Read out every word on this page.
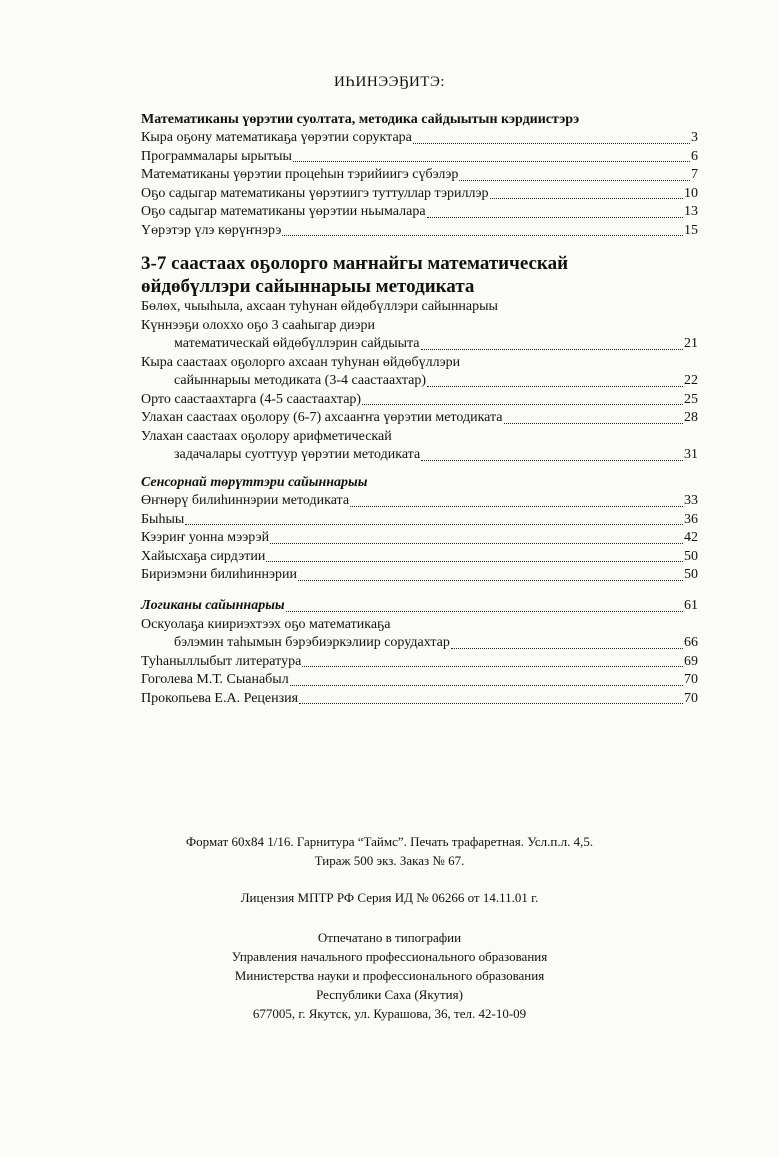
ИҺИНЭЭҔИТЭ:
Математиканы үөрэтии суолтата, методика сайдыытын кэрдиистэрэ
Кыра оҕону математикаҕа үөрэтии соруктара	3
Программалары ырытыы	6
Математиканы үөрэтии процеһын тэрийиигэ сүбэлэр	7
Оҕо садыгар математиканы үөрэтиигэ туттуллар тэриллэр	10
Оҕо садыгар математиканы үөрэтии ньымалара	13
Үөрэтэр үлэ көрүҥнэрэ	15
3-7 саастаах оҕолорго маҥнайгы математическай
өйдөбүллэри сайыннарыы методиката
Бөлөх, чыыһыла, ахсаан туһунан өйдөбүллэри сайыннарыы
Күннээҕи олоххо оҕо 3 сааһыгар диэри
математическай өйдөбүллэрин сайдыыта	21
Кыра саастаах оҕолорго ахсаан туһунан өйдөбүллэри
сайыннарыы методиката (3-4 саастаахтар)	22
Орто саастаахтарга (4-5 саастаахтар)	25
Улахан саастаах оҕолору (6-7) ахсааҥҥа үөрэтии методиката	28
Улахан саастаах оҕолору арифметическай
задачалары суоттуур үөрэтии методиката	31
Сенсорнай төрүттэри сайыннарыы
Өҥнөрү билиһиннэрии методиката	33
Быһыы	36
Кээриҥ уонна мээрэй	42
Хайысхаҕа сирдэтии	50
Бириэмэни билиһиннэрии	50
Логиканы сайыннарыы	61
Оскуолаҕа киириэхтээх оҕо математикаҕа
бэлэмин таһымын бэрэбиэркэлиир сорудахтар	66
Туһаныллыбыт литература	69
Гоголева М.Т. Сыанабыл	70
Прокопьева Е.А. Рецензия	70
Формат 60х84 1/16. Гарнитура “Таймс”. Печать трафаретная. Усл.п.л. 4,5.
Тираж 500 экз. Заказ № 67.
Лицензия МПТР РФ Серия ИД № 06266 от 14.11.01 г.
Отпечатано в типографии
Управления начального профессионального образования
Министерства науки и профессионального образования
Республики Саха (Якутия)
677005, г. Якутск, ул. Курашова, 36, тел. 42-10-09
